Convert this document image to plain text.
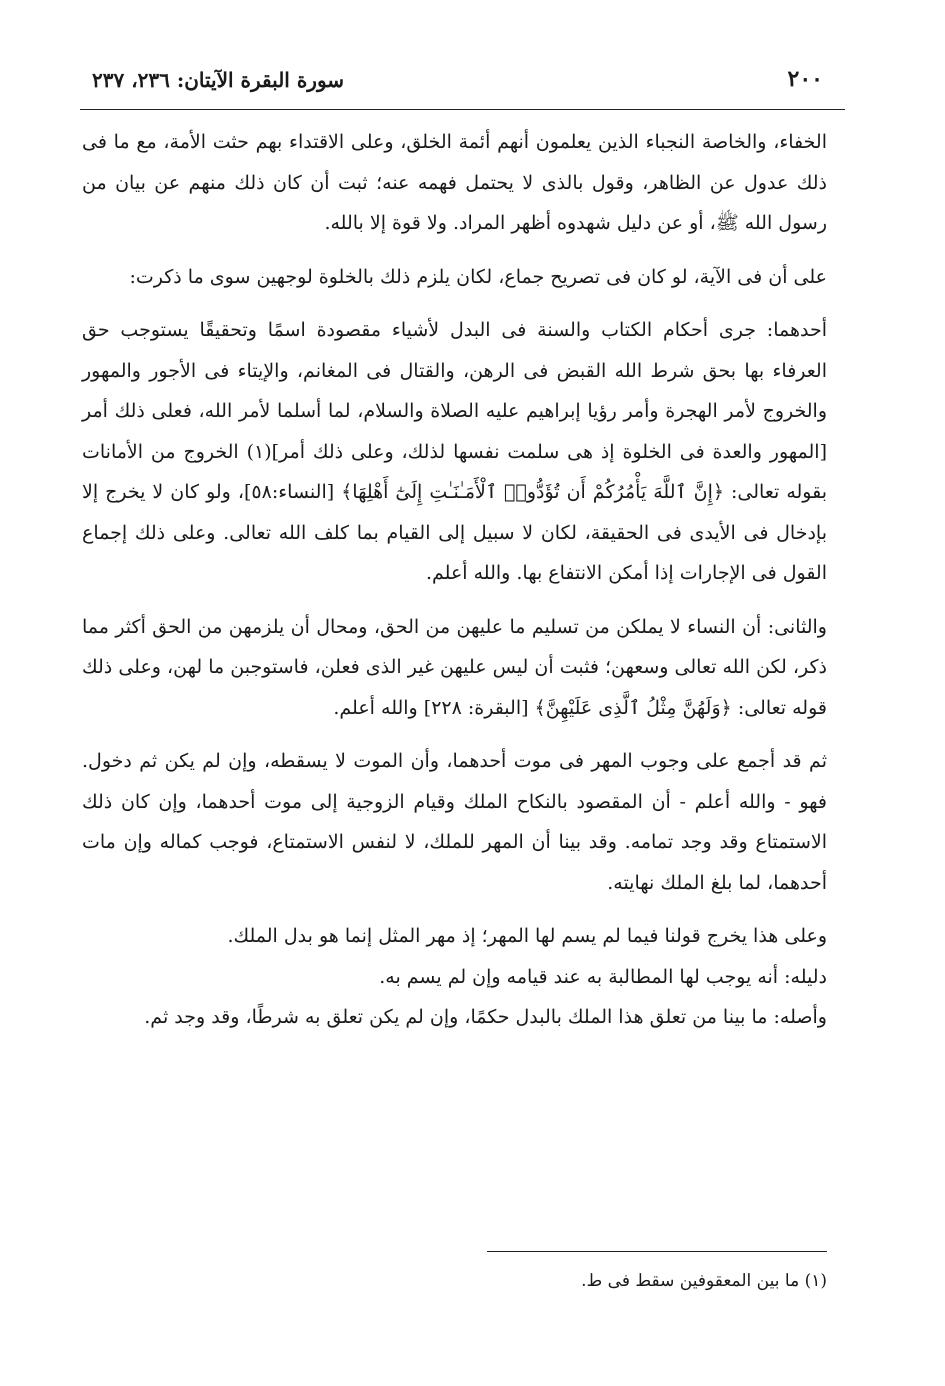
٢٠٠
سورة البقرة الآيتان: ٢٣٦، ٢٣٧

الخفاء، والخاصة النجباء الذين يعلمون أنهم أئمة الخلق، وعلى الاقتداء بهم حثت الأمة، مع ما فى ذلك عدول عن الظاهر، وقول بالذى لا يحتمل فهمه عنه؛ ثبت أن كان ذلك منهم عن بيان من رسول الله ﷺ، أو عن دليل شهدوه أظهر المراد. ولا قوة إلا بالله.

على أن فى الآية، لو كان فى تصريح جماع، لكان يلزم ذلك بالخلوة لوجهين سوى ما ذكرت:

أحدهما: جرى أحكام الكتاب والسنة فى البدل لأشياء مقصودة اسمًا وتحقيقًا يستوجب حق العرفاء بها بحق شرط الله القبض فى الرهن، والقتال فى المغانم، والإيتاء فى الأجور والمهور والخروج لأمر الهجرة وأمر رؤيا إبراهيم عليه الصلاة والسلام، لما أسلما لأمر الله، فعلى ذلك أمر [المهور والعدة فى الخلوة إذ هى سلمت نفسها لذلك، وعلى ذلك أمر](١) الخروج من الأمانات بقوله تعالى: ﴿إِنَّ ٱللَّهَ يَأْمُرُكُمْ أَن تُؤَدُّوا۟ ٱلْأَمَـٰنَـٰتِ إِلَىٰٓ أَهْلِهَا﴾ [النساء:٥٨]، ولو كان لا يخرج إلا بإدخال فى الأيدى فى الحقيقة، لكان لا سبيل إلى القيام بما كلف الله تعالى. وعلى ذلك إجماع القول فى الإجارات إذا أمكن الانتفاع بها. والله أعلم.

والثانى: أن النساء لا يملكن من تسليم ما عليهن من الحق، ومحال أن يلزمهن من الحق أكثر مما ذكر، لكن الله تعالى وسعهن؛ فثبت أن ليس عليهن غير الذى فعلن، فاستوجبن ما لهن، وعلى ذلك قوله تعالى: ﴿وَلَهُنَّ مِثْلُ ٱلَّذِى عَلَيْهِنَّ﴾ [البقرة: ٢٢٨] والله أعلم.

ثم قد أجمع على وجوب المهر فى موت أحدهما، وأن الموت لا يسقطه، وإن لم يكن ثم دخول. فهو - والله أعلم - أن المقصود بالنكاح الملك وقيام الزوجية إلى موت أحدهما، وإن كان ذلك الاستمتاع وقد وجد تمامه. وقد بينا أن المهر للملك، لا لنفس الاستمتاع، فوجب كماله وإن مات أحدهما، لما بلغ الملك نهايته.

وعلى هذا يخرج قولنا فيما لم يسم لها المهر؛ إذ مهر المثل إنما هو بدل الملك.

دليله: أنه يوجب لها المطالبة به عند قيامه وإن لم يسم به.

وأصله: ما بينا من تعلق هذا الملك بالبدل حكمًا، وإن لم يكن تعلق به شرطًا، وقد وجد ثم.

(١) ما بين المعقوفين سقط فى ط.
